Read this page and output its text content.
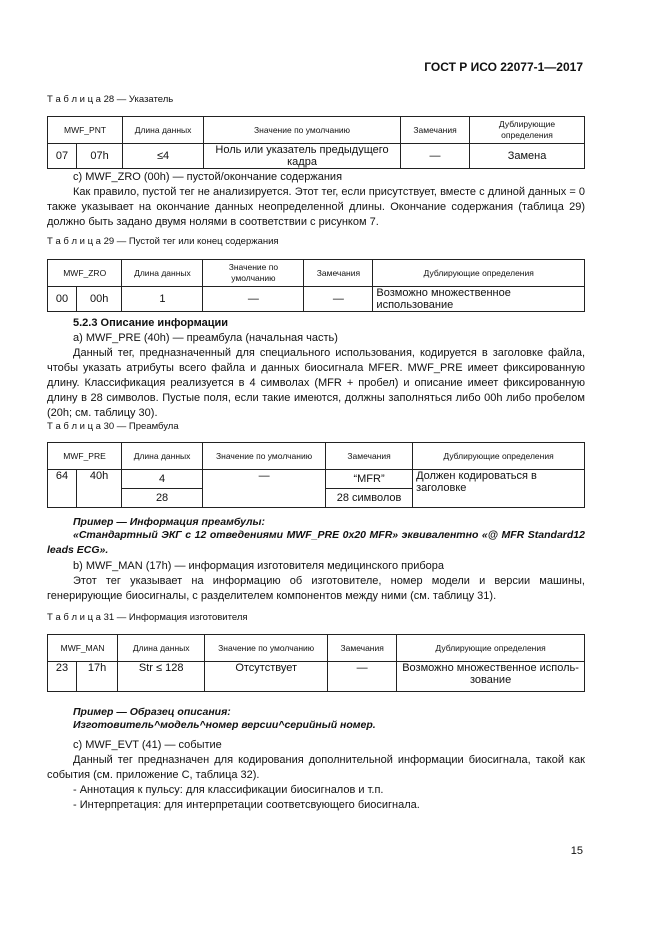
ГОСТ Р ИСО 22077-1—2017
Т а б л и ц а 28 — Указатель
MWF_PNT		Длина данных	Значение по умолчанию	Замечания	Дублирующие определения
07	07h	≤4	Ноль или указатель предыдущего кадра	—	Замена
c) MWF_ZRO (00h) — пустой/окончание содержания
Как правило, пустой тег не анализируется. Этот тег, если присутствует, вместе с длиной данных = 0 также указывает на окончание данных неопределенной длины. Окончание содержания (таблица 29) должно быть задано двумя нолями в соответствии с рисунком 7.
Т а б л и ц а 29 — Пустой тег или конец содержания
MWF_ZRO		Длина данных	Значение по умолчанию	Замечания	Дублирующие определения
00	00h	1	—	—	Возможно множественное использование
5.2.3 Описание информации
a) MWF_PRE (40h) — преамбула (начальная часть)
Данный тег, предназначенный для специального использования, кодируется в заголовке файла, чтобы указать атрибуты всего файла и данных биосигнала MFER. MWF_PRE имеет фиксированную длину. Классификация реализуется в 4 символах (MFR + пробел) и описание имеет фиксированную длину в 28 символов. Пустые поля, если такие имеются, должны заполняться либо 00h либо пробелом (20h; см. таблицу 30).
Т а б л и ц а 30 — Преамбула
MWF_PRE		Длина данных	Значение по умолчанию	Замечания	Дублирующие определения
64	40h	4	—	“MFR”	Должен кодироваться в заголовке
		28		28 символов	
Пример — Информация преамбулы:
«Стандартный ЭКГ с 12 отведениями MWF_PRE 0x20 MFR» эквивалентно «@ MFR Standard12 leads ECG».
b) MWF_MAN (17h) — информация изготовителя медицинского прибора
Этот тег указывает на информацию об изготовителе, номер модели и версии машины, генерирующие биосигналы, с разделителем компонентов между ними (см. таблицу 31).
Т а б л и ц а 31 — Информация изготовителя
MWF_MAN		Длина данных	Значение по умолчанию	Замечания	Дублирующие определения
23	17h	Str ≤ 128	Отсутствует	—	Возможно множественное исполь-зование
Пример — Образец описания:
Изготовитель^модель^номер версии^серийный номер.
c) MWF_EVT (41) — событие
Данный тег предназначен для кодирования дополнительной информации биосигнала, такой как события (см. приложение С, таблица 32).
- Аннотация к пульсу: для классификации биосигналов и т.п.
- Интерпретация: для интерпретации соответсвующего биосигнала.
15
